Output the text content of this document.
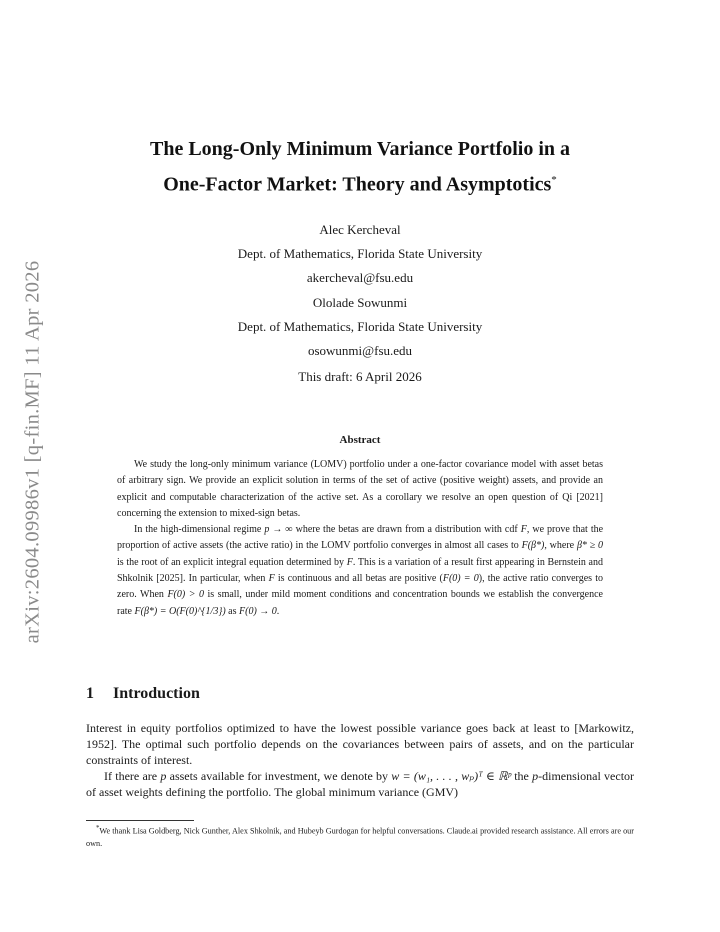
arXiv:2604.09986v1 [q-fin.MF] 11 Apr 2026
The Long-Only Minimum Variance Portfolio in a
One-Factor Market: Theory and Asymptotics*
Alec Kercheval
Dept. of Mathematics, Florida State University
akercheval@fsu.edu
Ololade Sowunmi
Dept. of Mathematics, Florida State University
osowunmi@fsu.edu
This draft: 6 April 2026
Abstract

We study the long-only minimum variance (LOMV) portfolio under a one-factor covariance model with asset betas of arbitrary sign. We provide an explicit solution in terms of the set of active (positive weight) assets, and provide an explicit and computable characterization of the active set. As a corollary we resolve an open question of Qi [2021] concerning the extension to mixed-sign betas.

In the high-dimensional regime p → ∞ where the betas are drawn from a distribution with cdf F, we prove that the proportion of active assets (the active ratio) in the LOMV portfolio converges in almost all cases to F(β*), where β* ≥ 0 is the root of an explicit integral equation determined by F. This is a variation of a result first appearing in Bernstein and Shkolnik [2025]. In particular, when F is continuous and all betas are positive (F(0) = 0), the active ratio converges to zero. When F(0) > 0 is small, under mild moment conditions and concentration bounds we establish the convergence rate F(β*) = O(F(0)^{1/3}) as F(0) → 0.

1 Introduction

Interest in equity portfolios optimized to have the lowest possible variance goes back at least to [Markowitz, 1952]. The optimal such portfolio depends on the covariances between pairs of assets, and on the particular constraints of interest.

If there are p assets available for investment, we denote by w = (w₁, . . . , wₚ)ᵀ ∈ ℝᵖ the p-dimensional vector of asset weights defining the portfolio. The global minimum variance (GMV)

*We thank Lisa Goldberg, Nick Gunther, Alex Shkolnik, and Hubeyb Gurdogan for helpful conversations. Claude.ai provided research assistance. All errors are our own.
